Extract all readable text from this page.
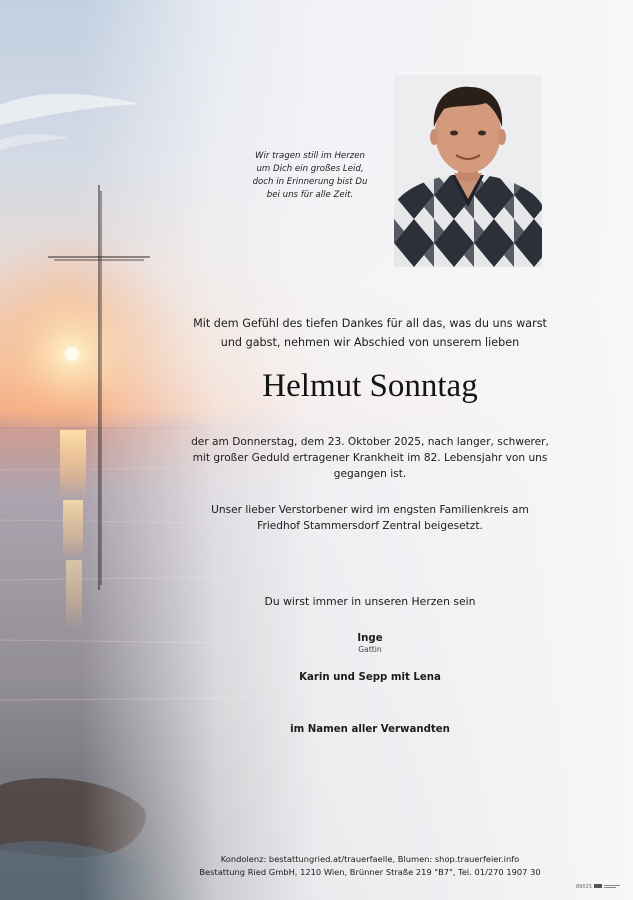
Wir tragen still im Herzen
um Dich ein großes Leid,
doch in Erinnerung bist Du
bei uns für alle Zeit.
Mit dem Gefühl des tiefen Dankes für all das, was du uns warst
und gabst, nehmen wir Abschied von unserem lieben
Helmut Sonntag
der am Donnerstag, dem 23. Oktober 2025, nach langer, schwerer,
mit großer Geduld ertragener Krankheit im 82. Lebensjahr von uns
gegangen ist.
Unser lieber Verstorbener wird im engsten Familienkreis am
Friedhof Stammersdorf Zentral beigesetzt.
Du wirst immer in unseren Herzen sein
Inge
Gattin
Karin und Sepp mit Lena
im Namen aller Verwandten
Kondolenz: bestattungried.at/trauerfaelle, Blumen: shop.trauerfeier.info
Bestattung Ried GmbH, 1210 Wien, Brünner Straße 219 "B7", Tel. 01/270 1907 30
89025
